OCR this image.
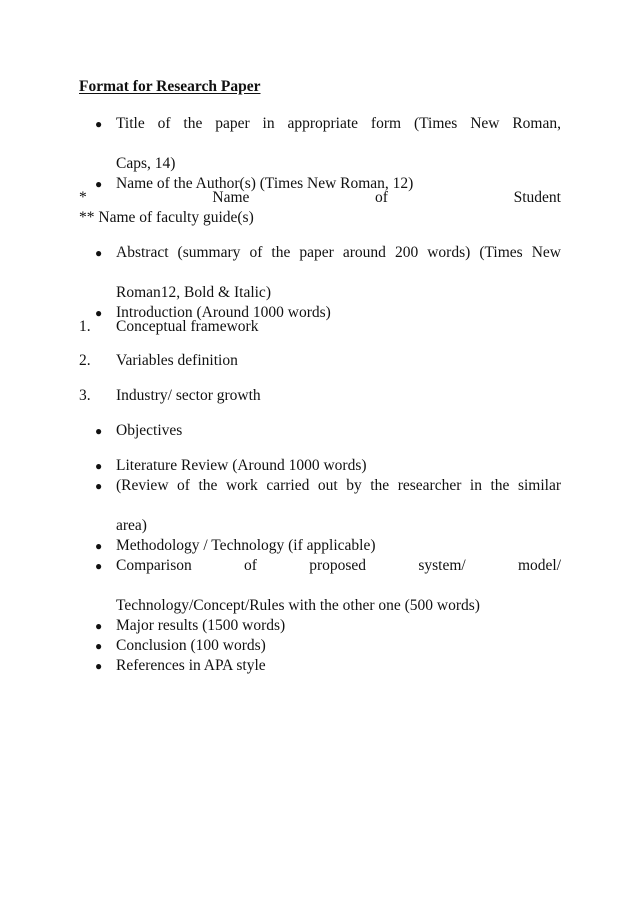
Format for Research Paper
● Title of the paper in appropriate form (Times New Roman,
Caps, 14)
● Name of the Author(s) (Times New Roman, 12)
*	Name	of	Student
** Name of faculty guide(s)
● Abstract (summary of the paper around 200 words) (Times New
Roman12, Bold & Italic)
● Introduction (Around 1000 words)
1. Conceptual framework
2. Variables definition
3. Industry/ sector growth
● Objectives
● Literature Review (Around 1000 words)
● (Review of the work carried out by the researcher in the similar
area)
● Methodology / Technology (if applicable)
● Comparison of proposed system/ model/
Technology/Concept/Rules with the other one (500 words)
● Major results (1500 words)
● Conclusion (100 words)
● References in APA style
